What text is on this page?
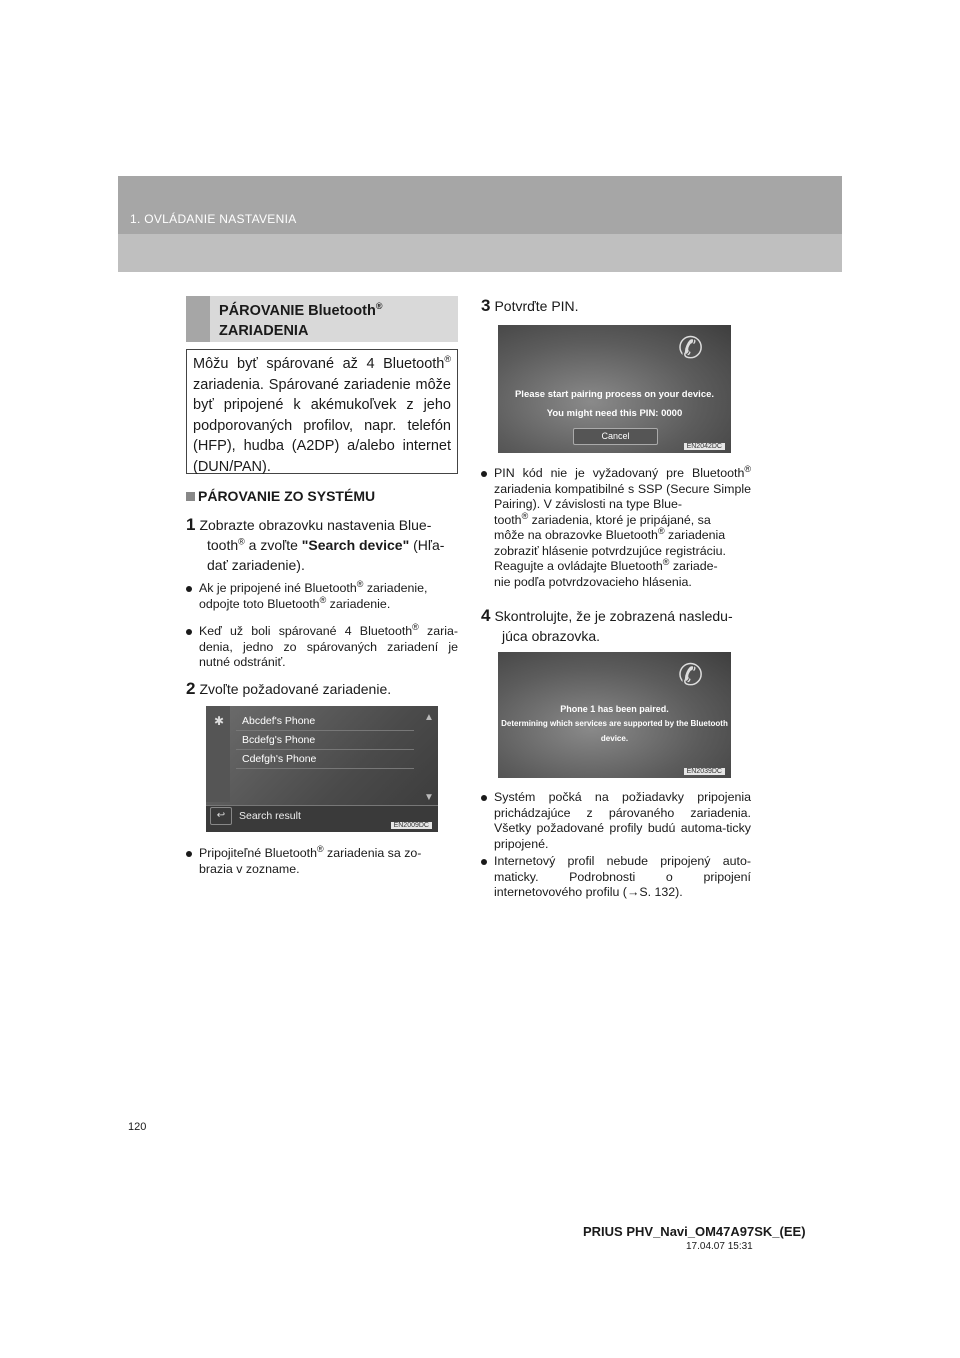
1. OVLÁDANIE NASTAVENIA
PÁROVANIE Bluetooth®
ZARIADENIA
Môžu byť spárované až 4 Bluetooth® zariadenia. Spárované zariadenie môže byť pripojené k akémukoľvek z jeho podporovaných profilov, napr. telefón (HFP), hudba (A2DP) a/alebo internet (DUN/PAN).
PÁROVANIE ZO SYSTÉMU
1 Zobrazte obrazovku nastavenia Blue-
tooth® a zvoľte "Search device" (Hľa-
dať zariadenie).
Ak je pripojené iné Bluetooth® zariadenie,
odpojte toto Bluetooth® zariadenie.
Keď už boli spárované 4 Bluetooth® zaria- denia, jedno zo spárovaných zariadení je nutné odstrániť.
2 Zvoľte požadované zariadenie.
✱	Abcdef's Phone
Bcdefg's Phone
Cdefgh's Phone
▲
▼
↩	Search result
EN2009DC
Pripojiteľné Bluetooth® zariadenia sa zo-
brazia v zozname.
3 Potvrďte PIN.
✆
Please start pairing process on your device.
You might need this PIN: 0000
Cancel
EN2042DC
PIN kód nie je vyžadovaný pre Bluetooth® zariadenia kompatibilné s SSP (Secure Simple Pairing). V závislosti na type Blue-
tooth® zariadenia, ktoré je pripájané, sa
môže na obrazovke Bluetooth® zariadenia
zobraziť hlásenie potvrdzujúce registráciu.
Reagujte a ovládajte Bluetooth® zariade-
nie podľa potvrdzovacieho hlásenia.
4 Skontrolujte, že je zobrazená nasledu-
júca obrazovka.
✆
Phone 1 has been paired.
Determining which services are supported by the Bluetooth
device.
EN2039DC
Systém počká na požiadavky pripojenia prichádzajúce z párovaného zariadenia. Všetky požadované profily budú automa-ticky pripojené.
Internetový profil nebude pripojený auto-maticky. Podrobnosti o pripojení internetovového profilu (→S. 132).
120
PRIUS PHV_Navi_OM47A97SK_(EE)
17.04.07 15:31
